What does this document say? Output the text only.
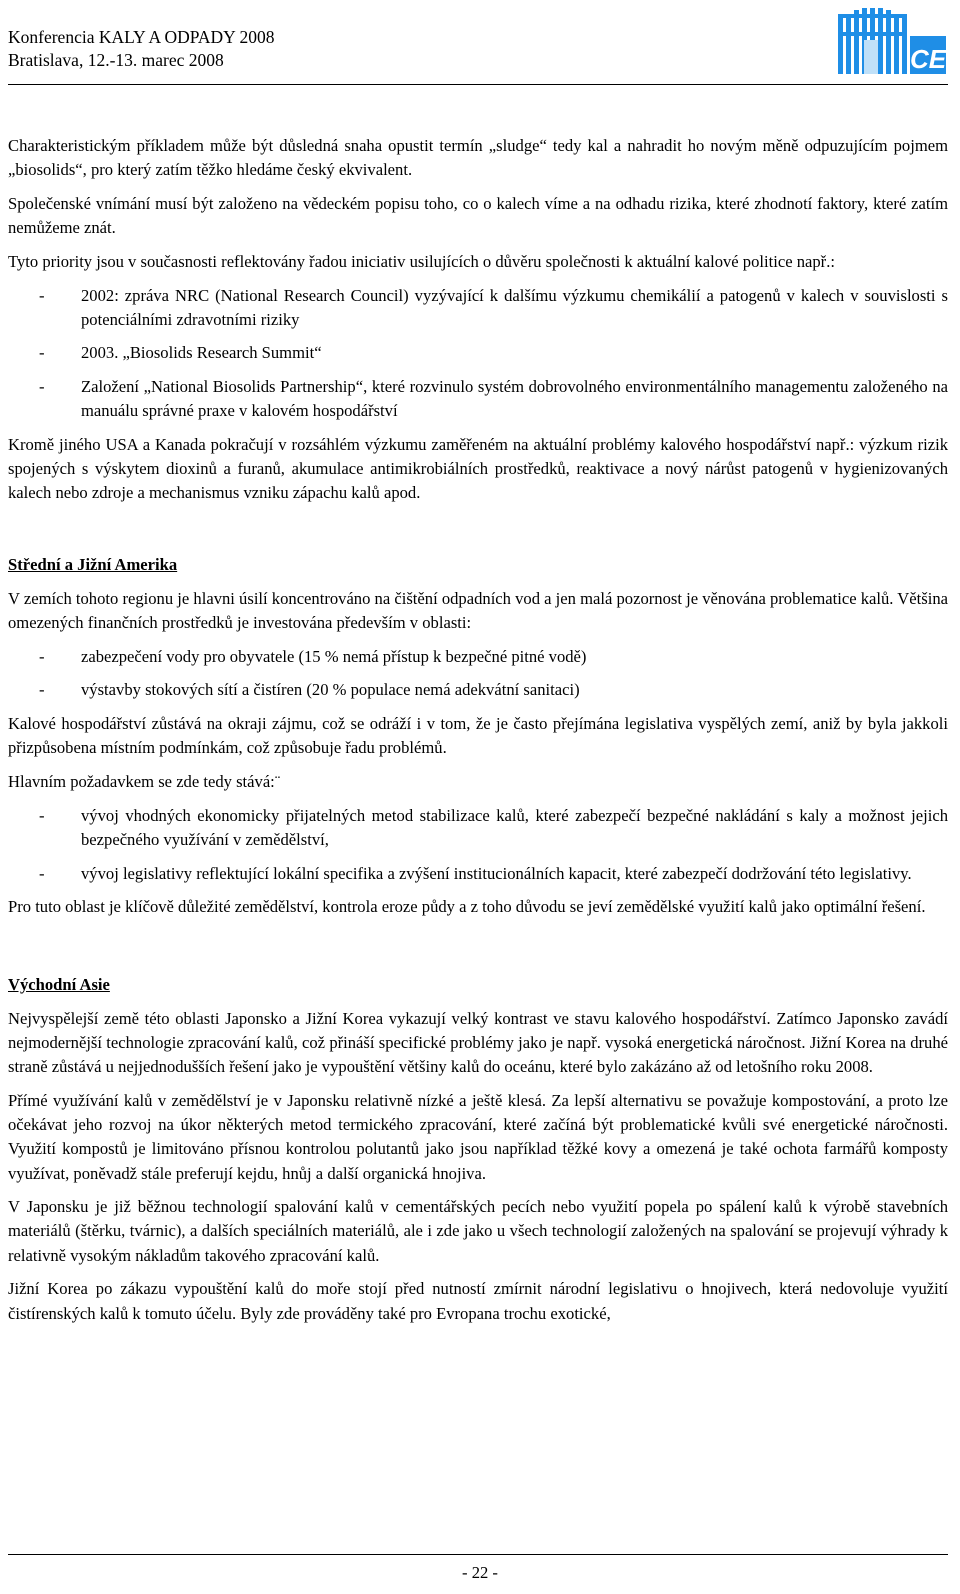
Konferencia KALY A ODPADY 2008
Bratislava, 12.-13. marec 2008	CE

Charakteristickým příkladem může být důsledná snaha opustit termín „sludge“ tedy kal a nahradit ho novým měně odpuzujícím pojmem „biosolids“, pro který zatím těžko hledáme český ekvivalent.

Společenské vnímání musí být založeno na vědeckém popisu toho, co o kalech víme a na odhadu rizika, které zhodnotí faktory, které zatím nemůžeme znát.

Tyto priority jsou v současnosti reflektovány řadou iniciativ usilujících o důvěru společnosti k aktuální kalové politice např.:

- 2002: zpráva NRC (National Research Council) vyzývající k dalšímu výzkumu chemikálií a patogenů v kalech v souvislosti s potenciálními zdravotními riziky
- 2003. „Biosolids Research Summit“
- Založení „National Biosolids Partnership“, které rozvinulo systém dobrovolného environmentálního managementu založeného na manuálu správné praxe v kalovém hospodářství

Kromě jiného USA a Kanada pokračují v rozsáhlém výzkumu zaměřeném na aktuální problémy kalového hospodářství např.: výzkum rizik spojených s výskytem dioxinů a furanů, akumulace antimikrobiálních prostředků, reaktivace a nový nárůst patogenů v hygienizovaných kalech nebo zdroje a mechanismus vzniku zápachu kalů apod.

Střední a Jižní Amerika

V zemích tohoto regionu je hlavni úsilí koncentrováno na čištění odpadních vod a jen malá pozornost je věnována problematice kalů. Většina omezených finančních prostředků je investována především v oblasti:

- zabezpečení vody pro obyvatele (15 % nemá přístup k bezpečné pitné vodě)
- výstavby stokových sítí a čistíren (20 % populace nemá adekvátní sanitaci)

Kalové hospodářství zůstává na okraji zájmu, což se odráží i v tom, že je často přejímána legislativa vyspělých zemí, aniž by byla jakkoli přizpůsobena místním podmínkám, což způsobuje řadu problémů.

Hlavním požadavkem se zde tedy stává:¨

- vývoj vhodných ekonomicky přijatelných metod stabilizace kalů, které zabezpečí bezpečné nakládání s kaly a možnost jejich bezpečného využívání v zemědělství,
- vývoj legislativy reflektující lokální specifika a zvýšení institucionálních kapacit, které zabezpečí dodržování této legislativy.

Pro tuto oblast je klíčově důležité zemědělství, kontrola eroze půdy a z toho důvodu se jeví zemědělské využití kalů jako optimální řešení.

Východní Asie

Nejvyspělejší země této oblasti Japonsko a Jižní Korea vykazují velký kontrast ve stavu kalového hospodářství. Zatímco Japonsko zavádí nejmodernější technologie zpracování kalů, což přináší specifické problémy jako je např. vysoká energetická náročnost. Jižní Korea na druhé straně zůstává u nejjednodušších řešení jako je vypouštění většiny kalů do oceánu, které bylo zakázáno až od letošního roku 2008.

Přímé využívání kalů v zemědělství je v Japonsku relativně nízké a ještě klesá. Za lepší alternativu se považuje kompostování, a proto lze očekávat jeho rozvoj na úkor některých metod termického zpracování, které začíná být problematické kvůli své energetické náročnosti. Využití kompostů je limitováno přísnou kontrolou polutantů jako jsou například těžké kovy a omezená je také ochota farmářů komposty využívat, poněvadž stále preferují kejdu, hnůj a další organická hnojiva.

V Japonsku je již běžnou technologií spalování kalů v cementářských pecích nebo využití popela po spálení kalů k výrobě stavebních materiálů (štěrku, tvárnic), a dalších speciálních materiálů, ale i zde jako u všech technologií založených na spalování se projevují výhrady k relativně vysokým nákladům takového zpracování kalů.

Jižní Korea po zákazu vypouštění kalů do moře stojí před nutností zmírnit národní legislativu o hnojivech, která nedovoluje využití čistírenských kalů k tomuto účelu. Byly zde prováděny také pro Evropana trochu exotické,

- 22 -
